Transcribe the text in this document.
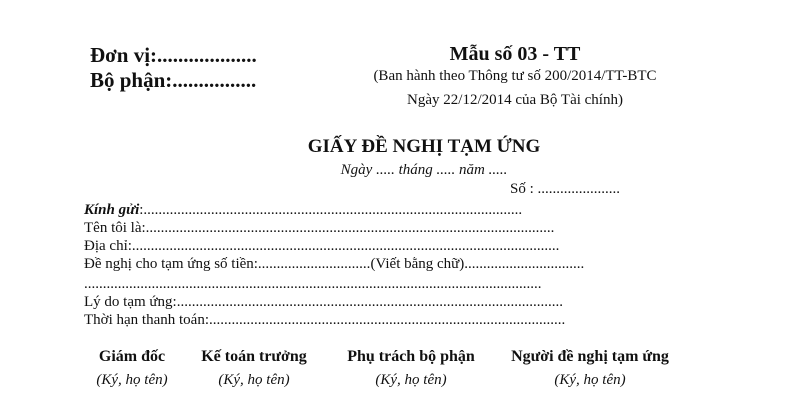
Đơn vị:...................
Bộ phận:................
Mẫu số 03 - TT
(Ban hành theo Thông tư số 200/2014/TT-BTC
Ngày 22/12/2014 của Bộ Tài chính)
GIẤY ĐỀ NGHỊ TẠM ỨNG
Ngày ..... tháng ..... năm .....
Số : ......................
Kính gửi:.....................................................................................................
Tên tôi là:.............................................................................................................
Địa chỉ:..................................................................................................................
Đề nghị cho tạm ứng số tiền:..............................(Viết bằng chữ)................................
..........................................................................................................................
Lý do tạm ứng:.......................................................................................................
Thời hạn thanh toán:...............................................................................................
Giám đốc
(Ký, họ tên)
Kế toán trưởng
(Ký, họ tên)
Phụ trách bộ phận
(Ký, họ tên)
Người đề nghị tạm ứng
(Ký, họ tên)
